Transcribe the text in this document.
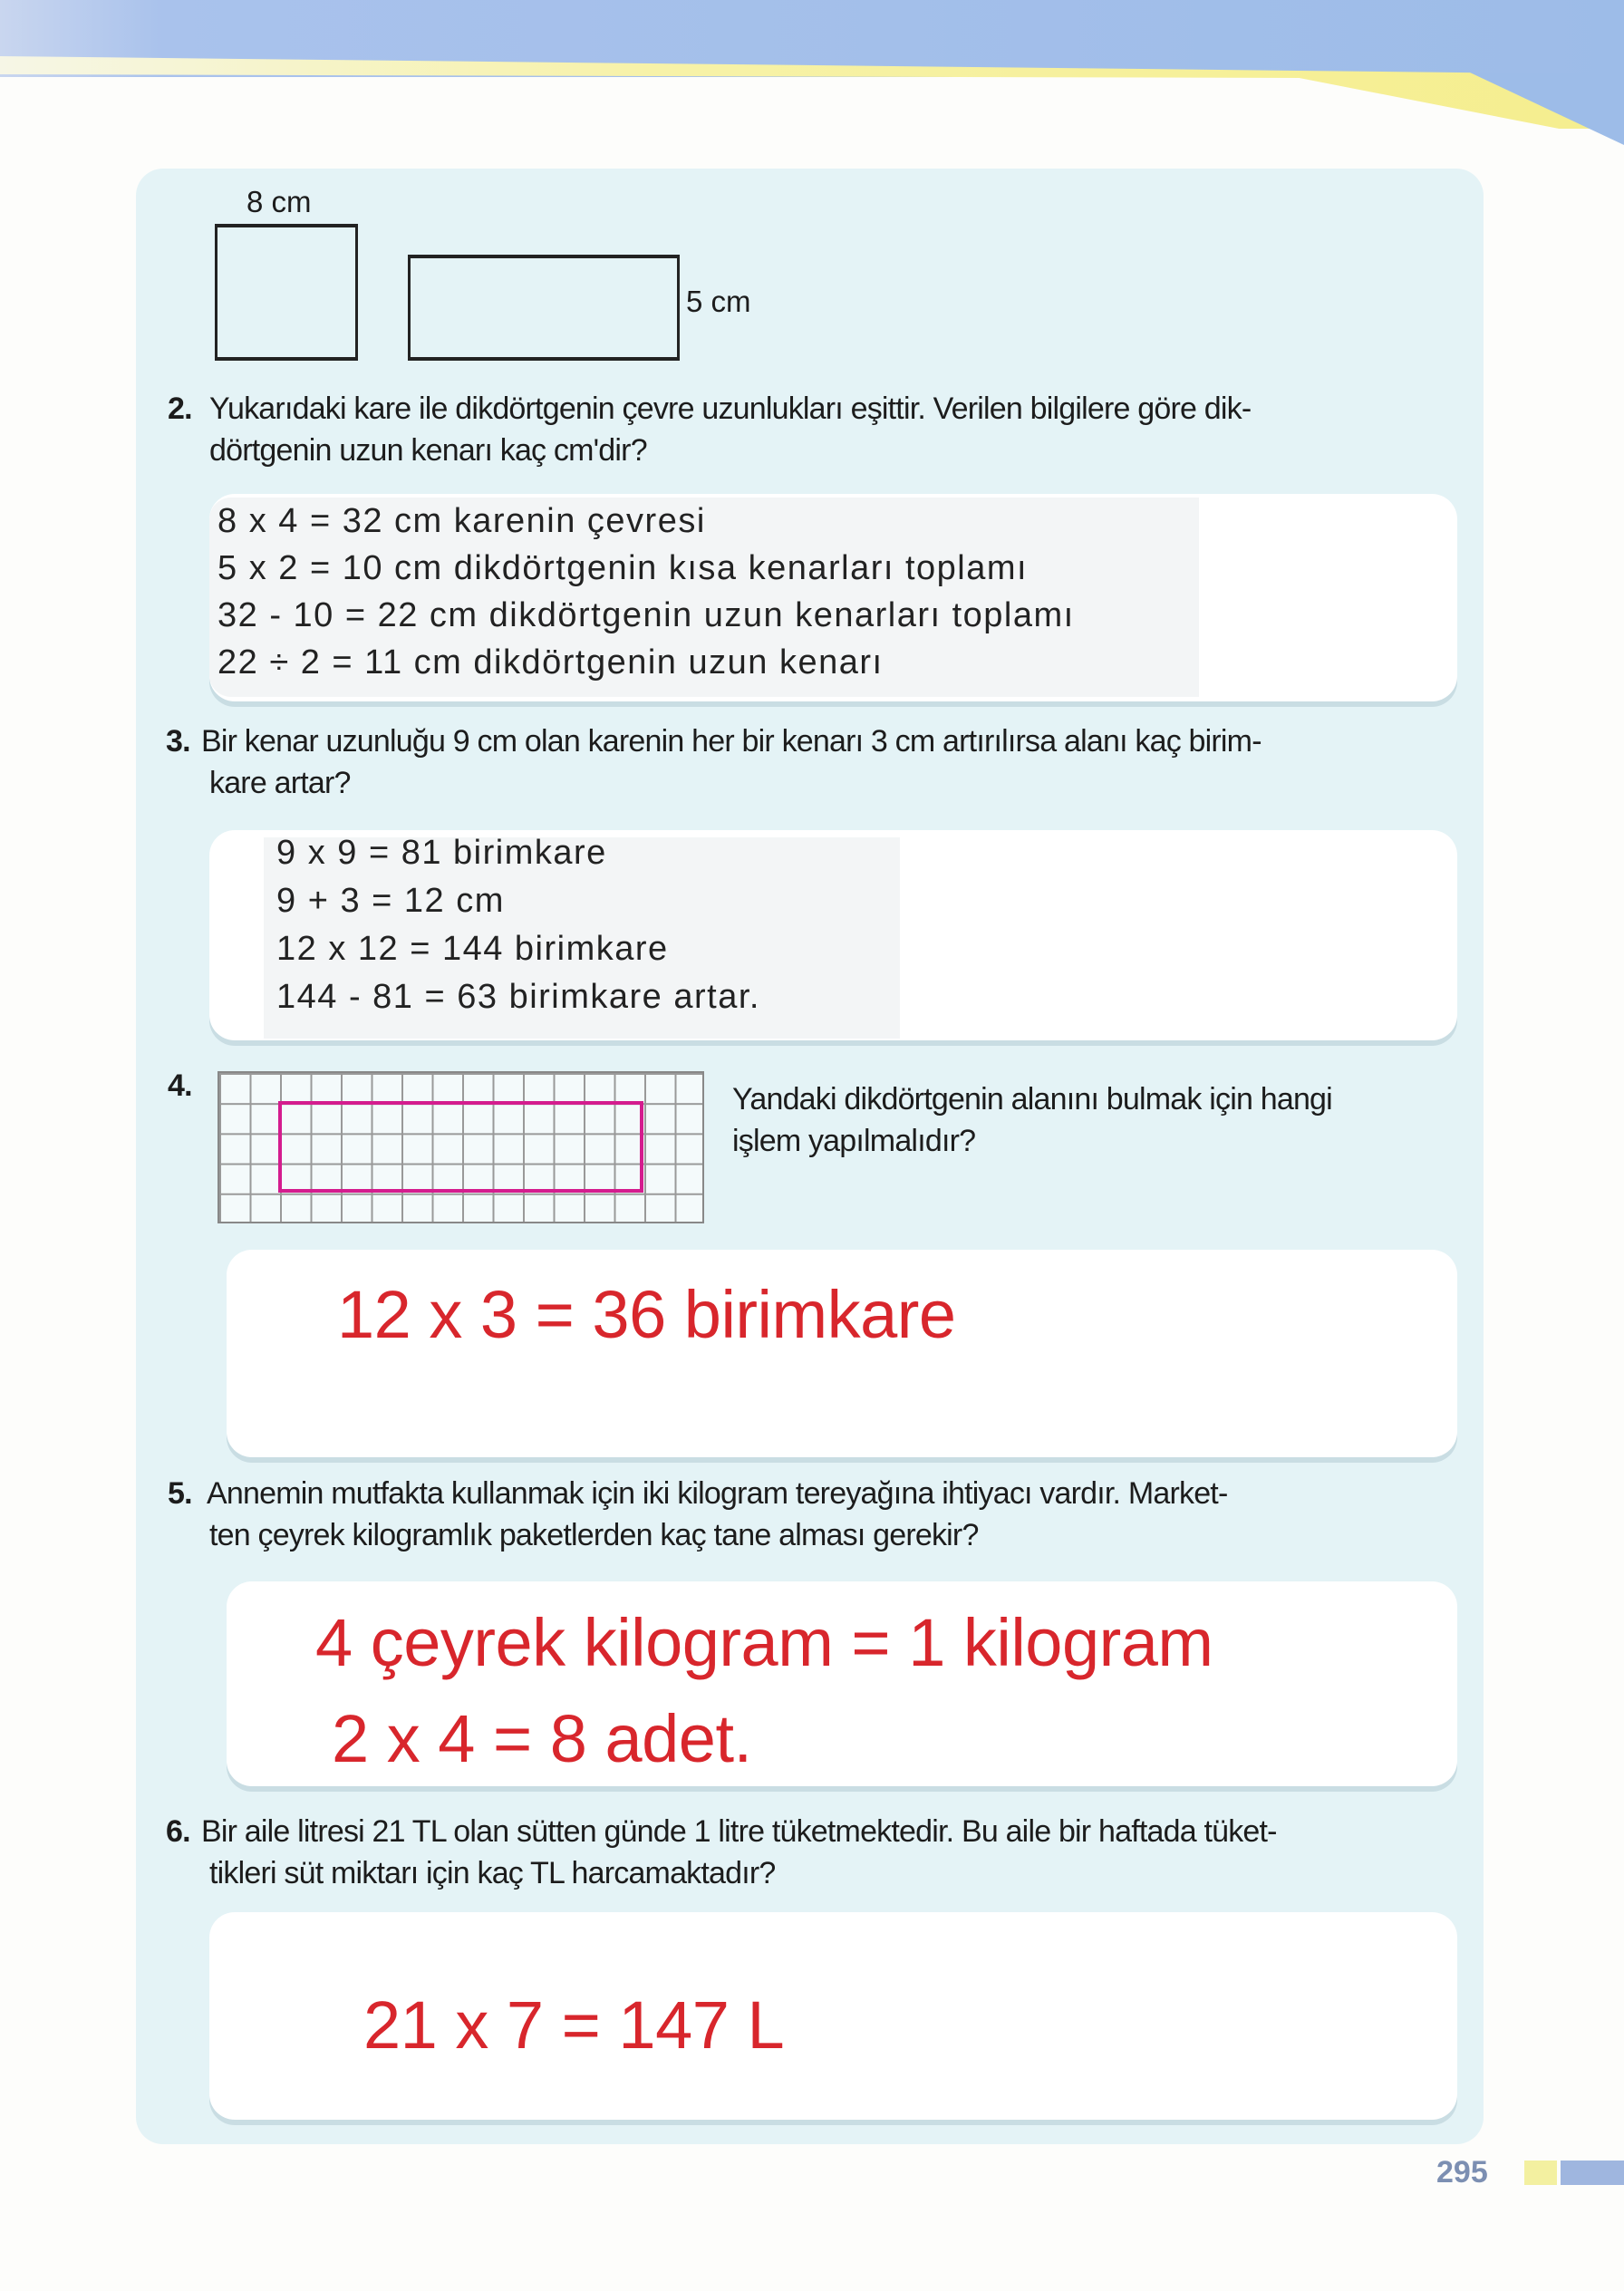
8 cm
5 cm
2. Yukarıdaki kare ile dikdörtgenin çevre uzunlukları eşittir. Verilen bilgilere göre dik-
dörtgenin uzun kenarı kaç cm'dir?
8 x 4 = 32 cm karenin çevresi
5 x 2 = 10 cm dikdörtgenin kısa kenarları toplamı
32 - 10 = 22 cm dikdörtgenin uzun kenarları toplamı
22 ÷ 2 = 11 cm dikdörtgenin uzun kenarı
3. Bir kenar uzunluğu 9 cm olan karenin her bir kenarı 3 cm artırılırsa alanı kaç birim-
kare artar?
9 x 9 = 81 birimkare
9 + 3 = 12 cm
12 x 12 = 144 birimkare
144 - 81 = 63 birimkare artar.
4.	Yandaki dikdörtgenin alanını bulmak için hangi
işlem yapılmalıdır?
12 x 3 = 36 birimkare
5. Annemin mutfakta kullanmak için iki kilogram tereyağına ihtiyacı vardır. Market-
ten çeyrek kilogramlık paketlerden kaç tane alması gerekir?
4 çeyrek kilogram = 1 kilogram
2 x 4 = 8 adet.
6. Bir aile litresi 21 TL olan sütten günde 1 litre tüketmektedir. Bu aile bir haftada tüket-
tikleri süt miktarı için kaç TL harcamaktadır?
21 x 7 = 147 L
295
